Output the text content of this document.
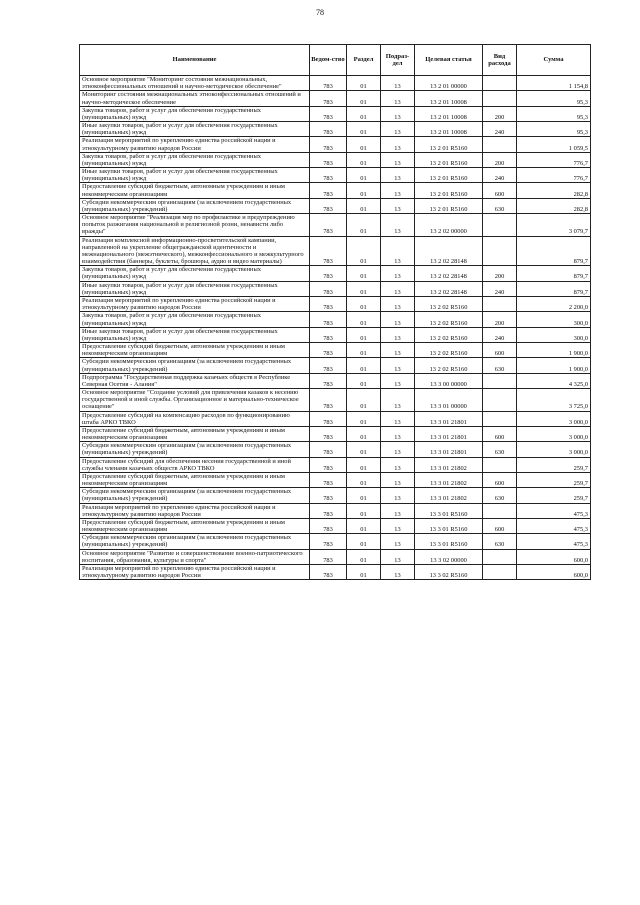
78
Наименование	Ведом-ство	Раздел	Подраз-дел	Целевая статья	Вид расхода	Сумма
Основное мероприятие "Мониторинг состояния межнациональных, этноконфессиональных отношений и научно-методическое обеспечение"	783	01	13	13 2 01 00000		1 154,8
Мониторинг состояния межнациональных этноконфессиональных отношений и научно-методическое обеспечение	783	01	13	13 2 01 10008		95,3
Закупка товаров, работ и услуг для обеспечения государственных (муниципальных) нужд	783	01	13	13 2 01 10008	200	95,3
Иные закупки товаров, работ и услуг для обеспечения государственных (муниципальных) нужд	783	01	13	13 2 01 10008	240	95,3
Реализация мероприятий по укреплению единства российской нации и этнокультурному развитию народов России	783	01	13	13 2 01 R5160		1 059,5
Закупка товаров, работ и услуг для обеспечения государственных (муниципальных) нужд	783	01	13	13 2 01 R5160	200	776,7
Иные закупки товаров, работ и услуг для обеспечения государственных (муниципальных) нужд	783	01	13	13 2 01 R5160	240	776,7
Предоставление субсидий бюджетным, автономным учреждениям и иным некоммерческим организациям	783	01	13	13 2 01 R5160	600	282,8
Субсидии некоммерческим организациям (за исключением государственных (муниципальных) учреждений)	783	01	13	13 2 01 R5160	630	282,8
Основное мероприятие "Реализация мер по профилактике и предупреждению попыток разжигания национальной и религиозной розни, ненависти либо вражды"	783	01	13	13 2 02 00000		3 079,7
Реализация комплексной информационно-просветительской кампании, направленной на укрепление общегражданской идентичности и межнационального (межэтнического), межконфессионального и межкультурного взаимодействия (баннеры, буклеты, брошюры, аудио и видео материалы)	783	01	13	13 2 02 28148		879,7
Закупка товаров, работ и услуг для обеспечения государственных (муниципальных) нужд	783	01	13	13 2 02 28148	200	879,7
Иные закупки товаров, работ и услуг для обеспечения государственных (муниципальных) нужд	783	01	13	13 2 02 28148	240	879,7
Реализация мероприятий по укреплению единства российской нации и этнокультурному развитию народов России	783	01	13	13 2 02 R5160		2 200,0
Закупка товаров, работ и услуг для обеспечения государственных (муниципальных) нужд	783	01	13	13 2 02 R5160	200	300,0
Иные закупки товаров, работ и услуг для обеспечения государственных (муниципальных) нужд	783	01	13	13 2 02 R5160	240	300,0
Предоставление субсидий бюджетным, автономным учреждениям и иным некоммерческим организациям	783	01	13	13 2 02 R5160	600	1 900,0
Субсидии некоммерческим организациям (за исключением государственных (муниципальных) учреждений)	783	01	13	13 2 02 R5160	630	1 900,0
Подпрограмма "Государственная поддержка казачьих обществ в Республике Северная Осетия - Алания"	783	01	13	13 3 00 00000		4 325,0
Основное мероприятие "Создание условий для привлечения казаков к несению государственной и иной службы. Организационное и материально-техническое оснащение"	783	01	13	13 3 01 00000		3 725,0
Предоставление субсидий на компенсацию расходов по функционированию штаба АРКО ТВКО	783	01	13	13 3 01 21801		3 000,0
Предоставление субсидий бюджетным, автономным учреждениям и иным некоммерческим организациям	783	01	13	13 3 01 21801	600	3 000,0
Субсидии некоммерческим организациям (за исключением государственных (муниципальных) учреждений)	783	01	13	13 3 01 21801	630	3 000,0
Предоставление субсидий для обеспечения несения государственной и иной службы членами казачьих обществ АРКО ТВКО	783	01	13	13 3 01 21802		259,7
Предоставление субсидий бюджетным, автономным учреждениям и иным некоммерческим организациям	783	01	13	13 3 01 21802	600	259,7
Субсидии некоммерческим организациям (за исключением государственных (муниципальных) учреждений)	783	01	13	13 3 01 21802	630	259,7
Реализация мероприятий по укреплению единства российской нации и этнокультурному развитию народов России	783	01	13	13 3 01 R5160		475,3
Предоставление субсидий бюджетным, автономным учреждениям и иным некоммерческим организациям	783	01	13	13 3 01 R5160	600	475,3
Субсидии некоммерческим организациям (за исключением государственных (муниципальных) учреждений)	783	01	13	13 3 01 R5160	630	475,3
Основное мероприятие "Развитие и совершенствование военно-патриотического воспитания, образования, культуры и спорта"	783	01	13	13 3 02 00000		600,0
Реализация мероприятий по укреплению единства российской нации и этнокультурному развитию народов России	783	01	13	13 3 02 R5160		600,0
